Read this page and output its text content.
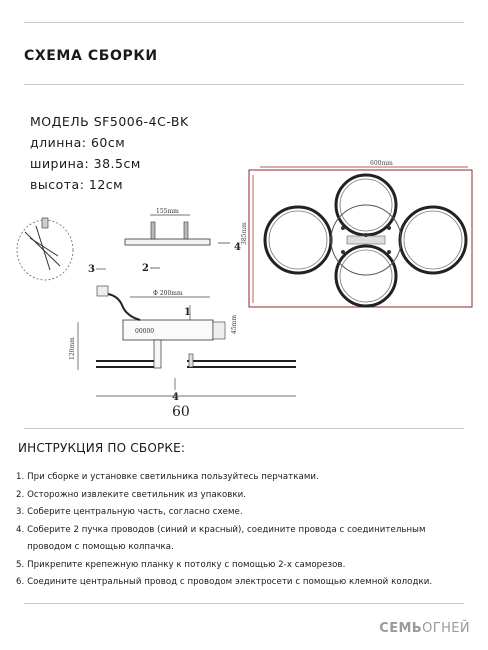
СХЕМА СБОРКИ
МОДЕЛЬ SF5006-4C-BK
длинна: 60см
ширина: 38.5см
высота: 12см
600mm
385mm
155mm
2
4
Φ 200mm
00000	45mm
1
3
120mm
4
60
ИНСТРУКЦИЯ ПО СБОРКЕ:
1. При сборке и установке светильника пользуйтесь перчатками.
2. Осторожно извлеките светильник из упаковки.
3. Соберите центральную часть, согласно схеме.
4. Соберите 2 пучка проводов (синий и красный), соедините провода с соединительным
проводом с помощью колпачка.
5. Прикрепите крепежную планку к потолку с помощью 2-х саморезов.
6. Соедините центральный провод с проводом электросети с помощью клемной колодки.
СЕМЬОГНЕЙ
